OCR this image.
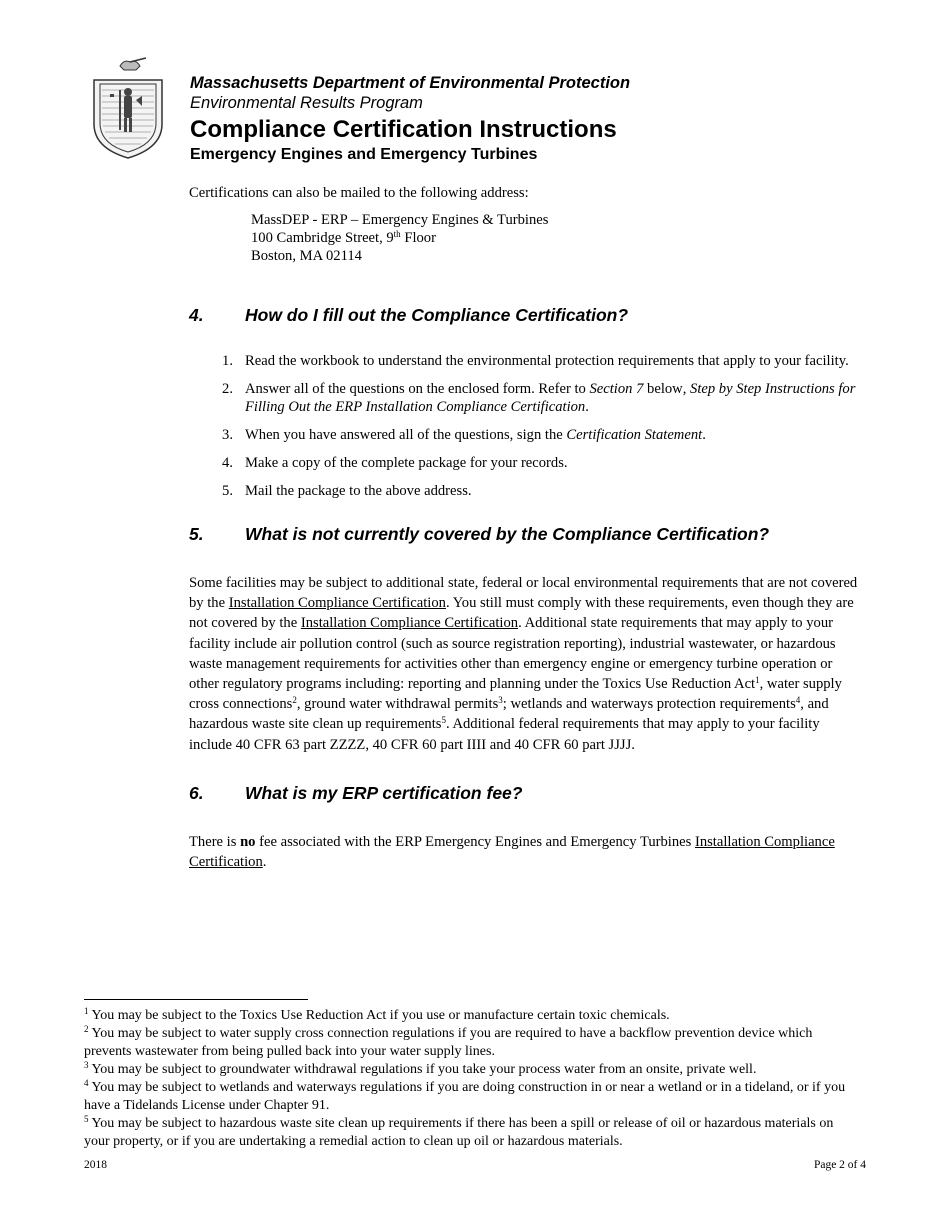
Massachusetts Department of Environmental Protection
Environmental Results Program
Compliance Certification Instructions
Emergency Engines and Emergency Turbines
Certifications can also be mailed to the following address:
MassDEP - ERP – Emergency Engines & Turbines
100 Cambridge Street, 9th Floor
Boston, MA 02114
4.	How do I fill out the Compliance Certification?
1. Read the workbook to understand the environmental protection requirements that apply to your facility.
2. Answer all of the questions on the enclosed form. Refer to Section 7 below, Step by Step Instructions for Filling Out the ERP Installation Compliance Certification.
3. When you have answered all of the questions, sign the Certification Statement.
4. Make a copy of the complete package for your records.
5. Mail the package to the above address.
5.	What is not currently covered by the Compliance Certification?
Some facilities may be subject to additional state, federal or local environmental requirements that are not covered by the Installation Compliance Certification. You still must comply with these requirements, even though they are not covered by the Installation Compliance Certification. Additional state requirements that may apply to your facility include air pollution control (such as source registration reporting), industrial wastewater, or hazardous waste management requirements for activities other than emergency engine or emergency turbine operation or other regulatory programs including: reporting and planning under the Toxics Use Reduction Act$^1$, water supply cross connections$^2$, ground water withdrawal permits$^3$; wetlands and waterways protection requirements$^4$, and hazardous waste site clean up requirements$^5$. Additional federal requirements that may apply to your facility include 40 CFR 63 part ZZZZ, 40 CFR 60 part IIII and 40 CFR 60 part JJJJ.
6.	What is my ERP certification fee?
There is no fee associated with the ERP Emergency Engines and Emergency Turbines Installation Compliance Certification.

$^1$ You may be subject to the Toxics Use Reduction Act if you use or manufacture certain toxic chemicals.

$^2$ You may be subject to water supply cross connection regulations if you are required to have a backflow prevention device which prevents wastewater from being pulled back into your water supply lines.

$^3$ You may be subject to groundwater withdrawal regulations if you take your process water from an onsite, private well.

$^4$ You may be subject to wetlands and waterways regulations if you are doing construction in or near a wetland or in a tideland, or if you have a Tidelands License under Chapter 91.

$^5$ You may be subject to hazardous waste site clean up requirements if there has been a spill or release of oil or hazardous materials on your property, or if you are undertaking a remedial action to clean up oil or hazardous materials.

2018	Page 2 of 4
